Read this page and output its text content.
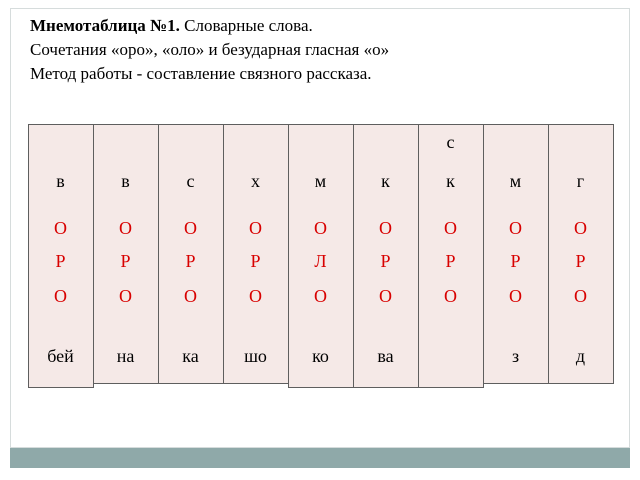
Мнемотаблица №1. Словарные слова.
Сочетания «оро», «оло» и безударная гласная «о»
Метод работы - составление связного рассказа.
в
О
Р
О
бей
в
О
Р
О
на
с
О
Р
О
ка
х
О
Р
О
шо
м
О
Л
О
ко
к
О
Р
О
ва
с
к
О
Р
О
м
О
Р
О
з
г
О
Р
О
д
